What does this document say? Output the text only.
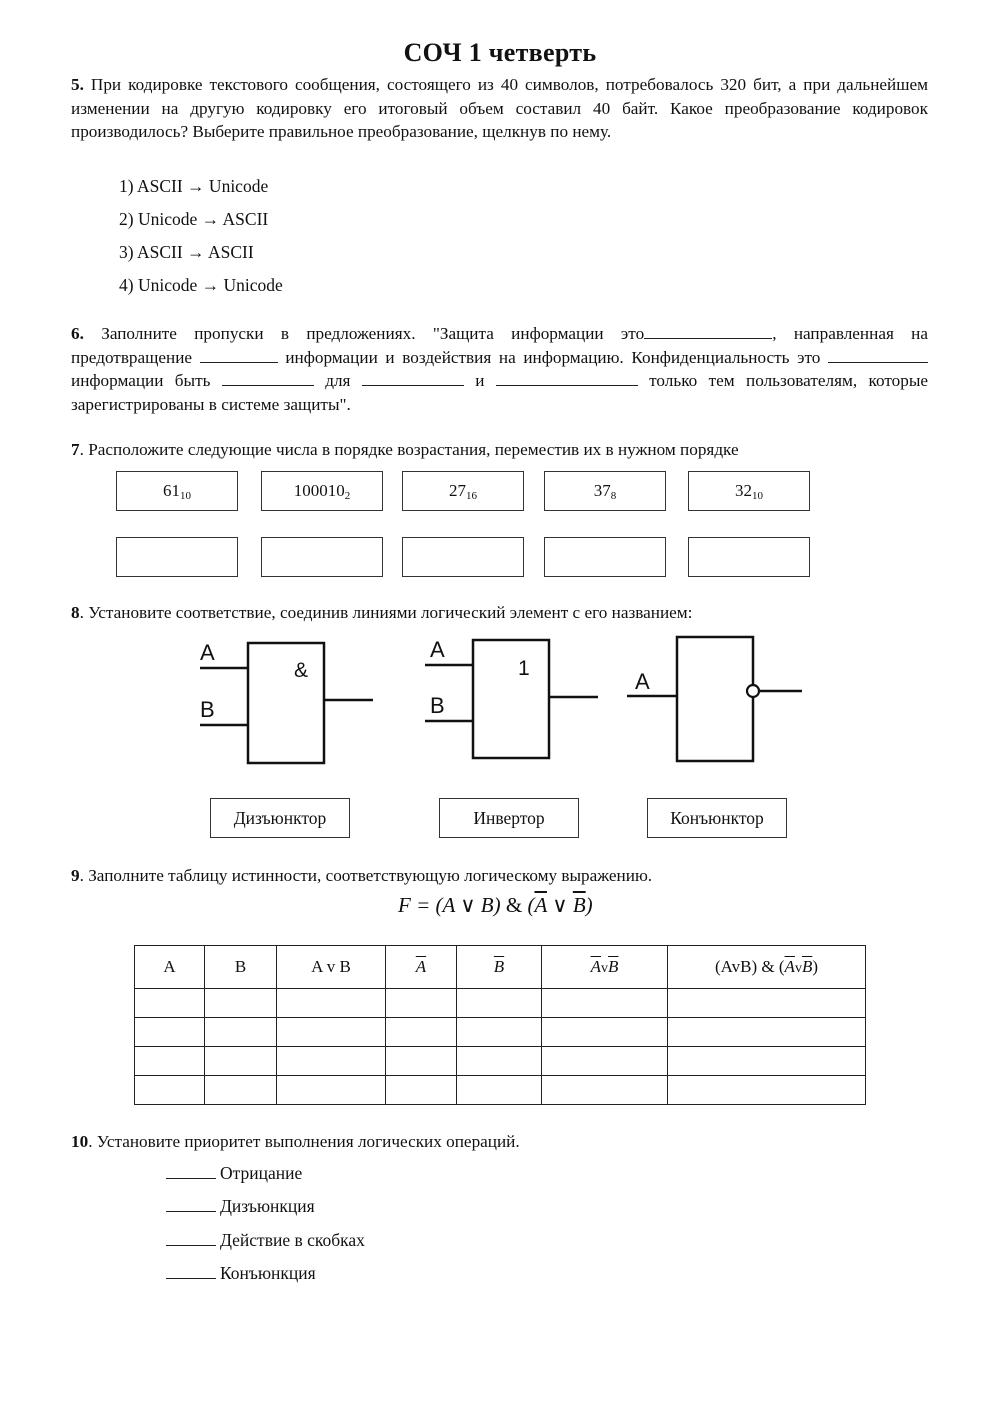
СОЧ 1 четверть
5. При кодировке текстового сообщения, состоящего из 40 символов, потребовалось 320 бит, а при дальнейшем изменении на другую кодировку его итоговый объем составил 40 байт. Какое преобразование кодировок производилось? Выберите правильное преобразование, щелкнув по нему.
1) ASCII → Unicode
2) Unicode → ASCII
3) ASCII → ASCII
4) Unicode → Unicode
6. Заполните пропуски в предложениях. "Защита информации это	, направленная на предотвращение	информации и воздействия на информацию. Конфиденциальность это  информации быть	для	и	только тем пользователям, которые зарегистрированы в системе защиты".
7. Расположите следующие числа в порядке возрастания, переместив их в нужном порядке
$61_{10}$	$100010_2$	$27_{16}$	$37_8$	$32_{10}$
8. Установите соответствие, соединив линиями логический элемент с его названием:
A
B
&
A
B
1
A
Дизъюнктор	Инвертор	Конъюнктор
9. Заполните таблицу истинности, соответствующую логическому выражению.
F = (A ∨ B) & ($\overline{A}$ ∨ $\overline{B}$)
A	B	A v B	$\overline{A}$	$\overline{B}$	$\overline{A}v\overline{B}$	(AvB) & $(\overline{A}v\overline{B})$

10. Установите приоритет выполнения логических операций.
Отрицание
Дизъюнкция
Действие в скобках
Конъюнкция
